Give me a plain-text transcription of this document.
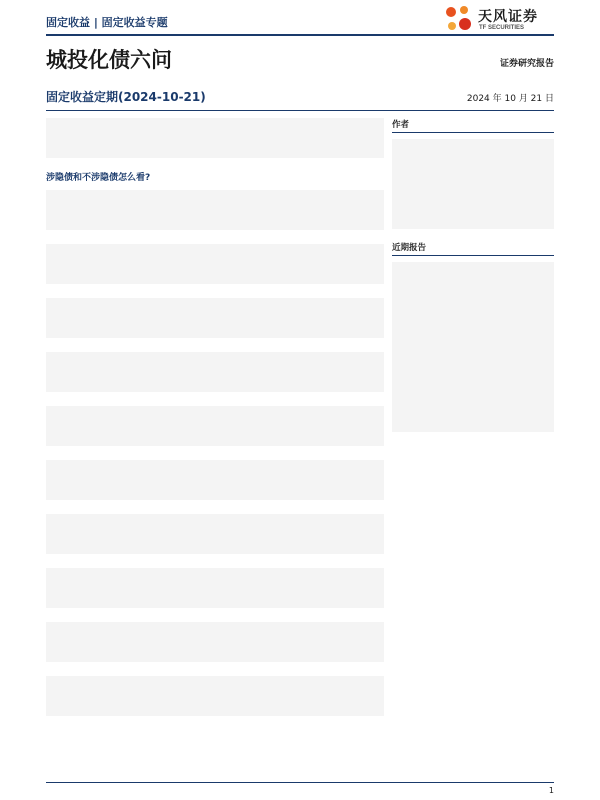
固定收益 | 固定收益专题	天风证券
TF SECURITIES
城投化债六问	证券研究报告
固定收益定期(2024-10-21)	2024 年 10 月 21 日
涉隐债和不涉隐债怎么看?
作者
近期报告
1
